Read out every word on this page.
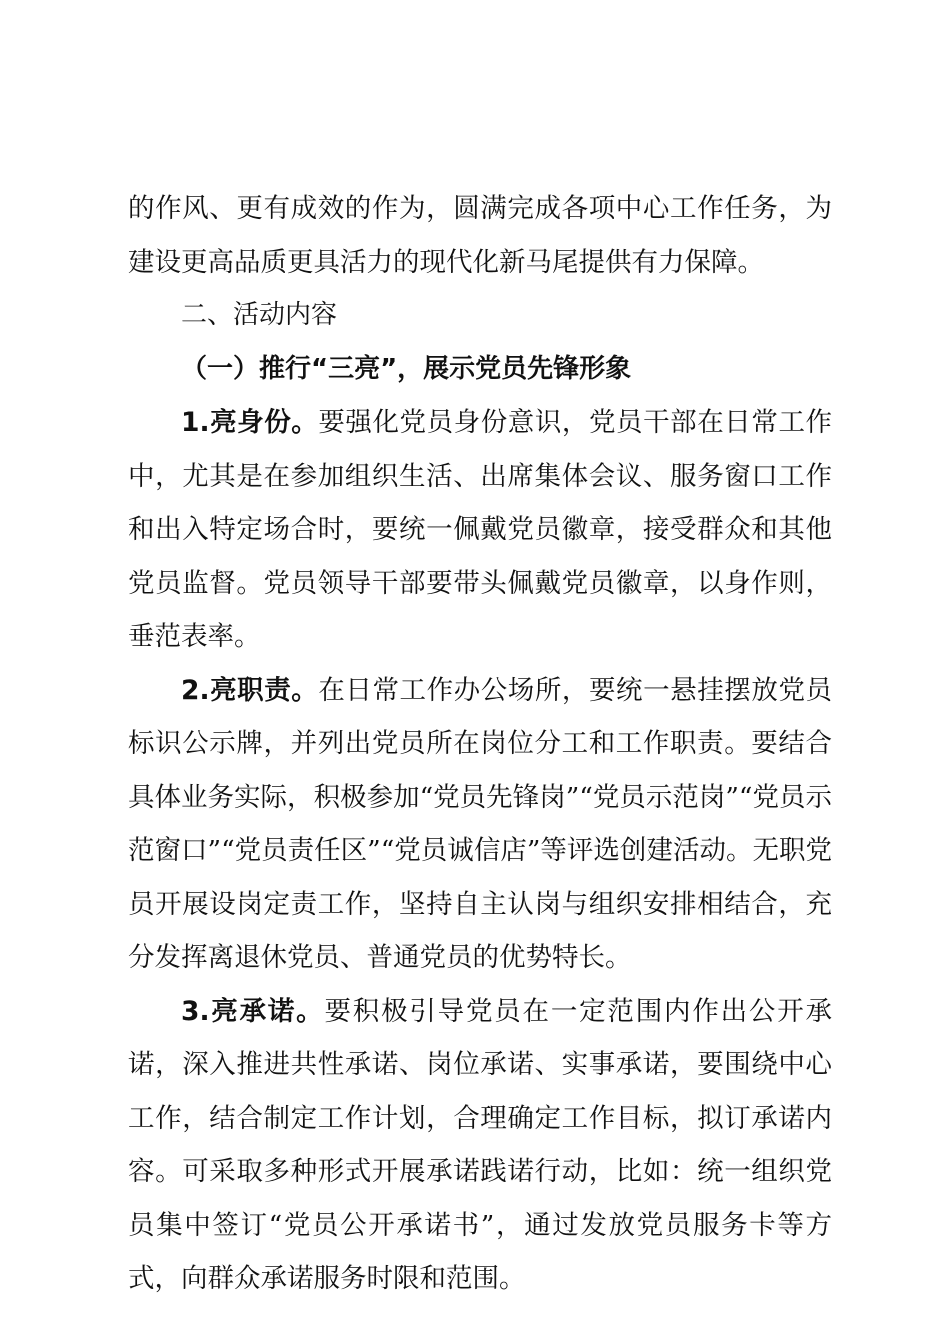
的作风、更有成效的作为，圆满完成各项中心工作任务，为建设更高品质更具活力的现代化新马尾提供有力保障。

二、活动内容

（一）推行“三亮”，展示党员先锋形象

1.亮身份。要强化党员身份意识，党员干部在日常工作中，尤其是在参加组织生活、出席集体会议、服务窗口工作和出入特定场合时，要统一佩戴党员徽章，接受群众和其他党员监督。党员领导干部要带头佩戴党员徽章，以身作则，垂范表率。

2.亮职责。在日常工作办公场所，要统一悬挂摆放党员标识公示牌，并列出党员所在岗位分工和工作职责。要结合具体业务实际，积极参加“党员先锋岗”“党员示范岗”“党员示范窗口”“党员责任区”“党员诚信店”等评选创建活动。无职党员开展设岗定责工作，坚持自主认岗与组织安排相结合，充分发挥离退休党员、普通党员的优势特长。

3.亮承诺。要积极引导党员在一定范围内作出公开承诺，深入推进共性承诺、岗位承诺、实事承诺，要围绕中心工作，结合制定工作计划，合理确定工作目标，拟订承诺内容。可采取多种形式开展承诺践诺行动，比如：统一组织党员集中签订“党员公开承诺书”，通过发放党员服务卡等方式，向群众承诺服务时限和范围。
